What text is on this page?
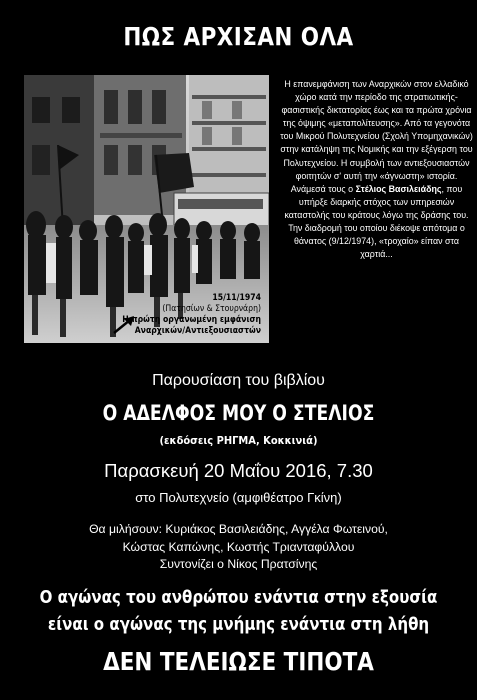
ΠΩΣ ΑΡΧΙΣΑΝ ΟΛΑ
15/11/1974
(Πατησίων & Στουρνάρη)
Η πρώτη οργανωμένη εμφάνιση
Αναρχικών/Αντιεξουσιαστών
Η επανεμφάνιση των Αναρχικών στον ελλαδικό χώρο κατά την περίοδο της στρατιωτικής-φασιστικής δικτατορίας έως και τα πρώτα χρόνια της όψιμης «μεταπολίτευσης». Από τα γεγονότα του Μικρού Πολυτεχνείου (Σχολή Υπομηχανικών) στην κατάληψη της Νομικής και την εξέγερση του Πολυτεχνείου. Η συμβολή των αντιεξουσιαστών φοιτητών σ' αυτή την «άγνωστη» ιστορία. Ανάμεσά τους ο Στέλιος Βασιλειάδης, που υπήρξε διαρκής στόχος των υπηρεσιών καταστολής του κράτους λόγω της δράσης του. Την διαδρομή του οποίου διέκοψε απότομα ο θάνατος (9/12/1974), «τροχαίο» είπαν στα χαρτιά...
Παρουσίαση του βιβλίου
Ο ΑΔΕΛΦΟΣ ΜΟΥ Ο ΣΤΕΛΙΟΣ
(εκδόσεις ΡΗΓΜΑ, Κοκκινιά)
Παρασκευή 20 Μαΐου 2016, 7.30
στο Πολυτεχνείο (αμφιθέατρο Γκίνη)
Θα μιλήσουν: Κυριάκος Βασιλειάδης, Αγγέλα Φωτεινού,
Κώστας Καπώνης, Κωστής Τριανταφύλλου
Συντονίζει ο Νίκος Πρατσίνης
Ο αγώνας του ανθρώπου ενάντια στην εξουσία
είναι ο αγώνας της μνήμης ενάντια στη λήθη
ΔΕΝ ΤΕΛΕΙΩΣΕ ΤΙΠΟΤΑ
